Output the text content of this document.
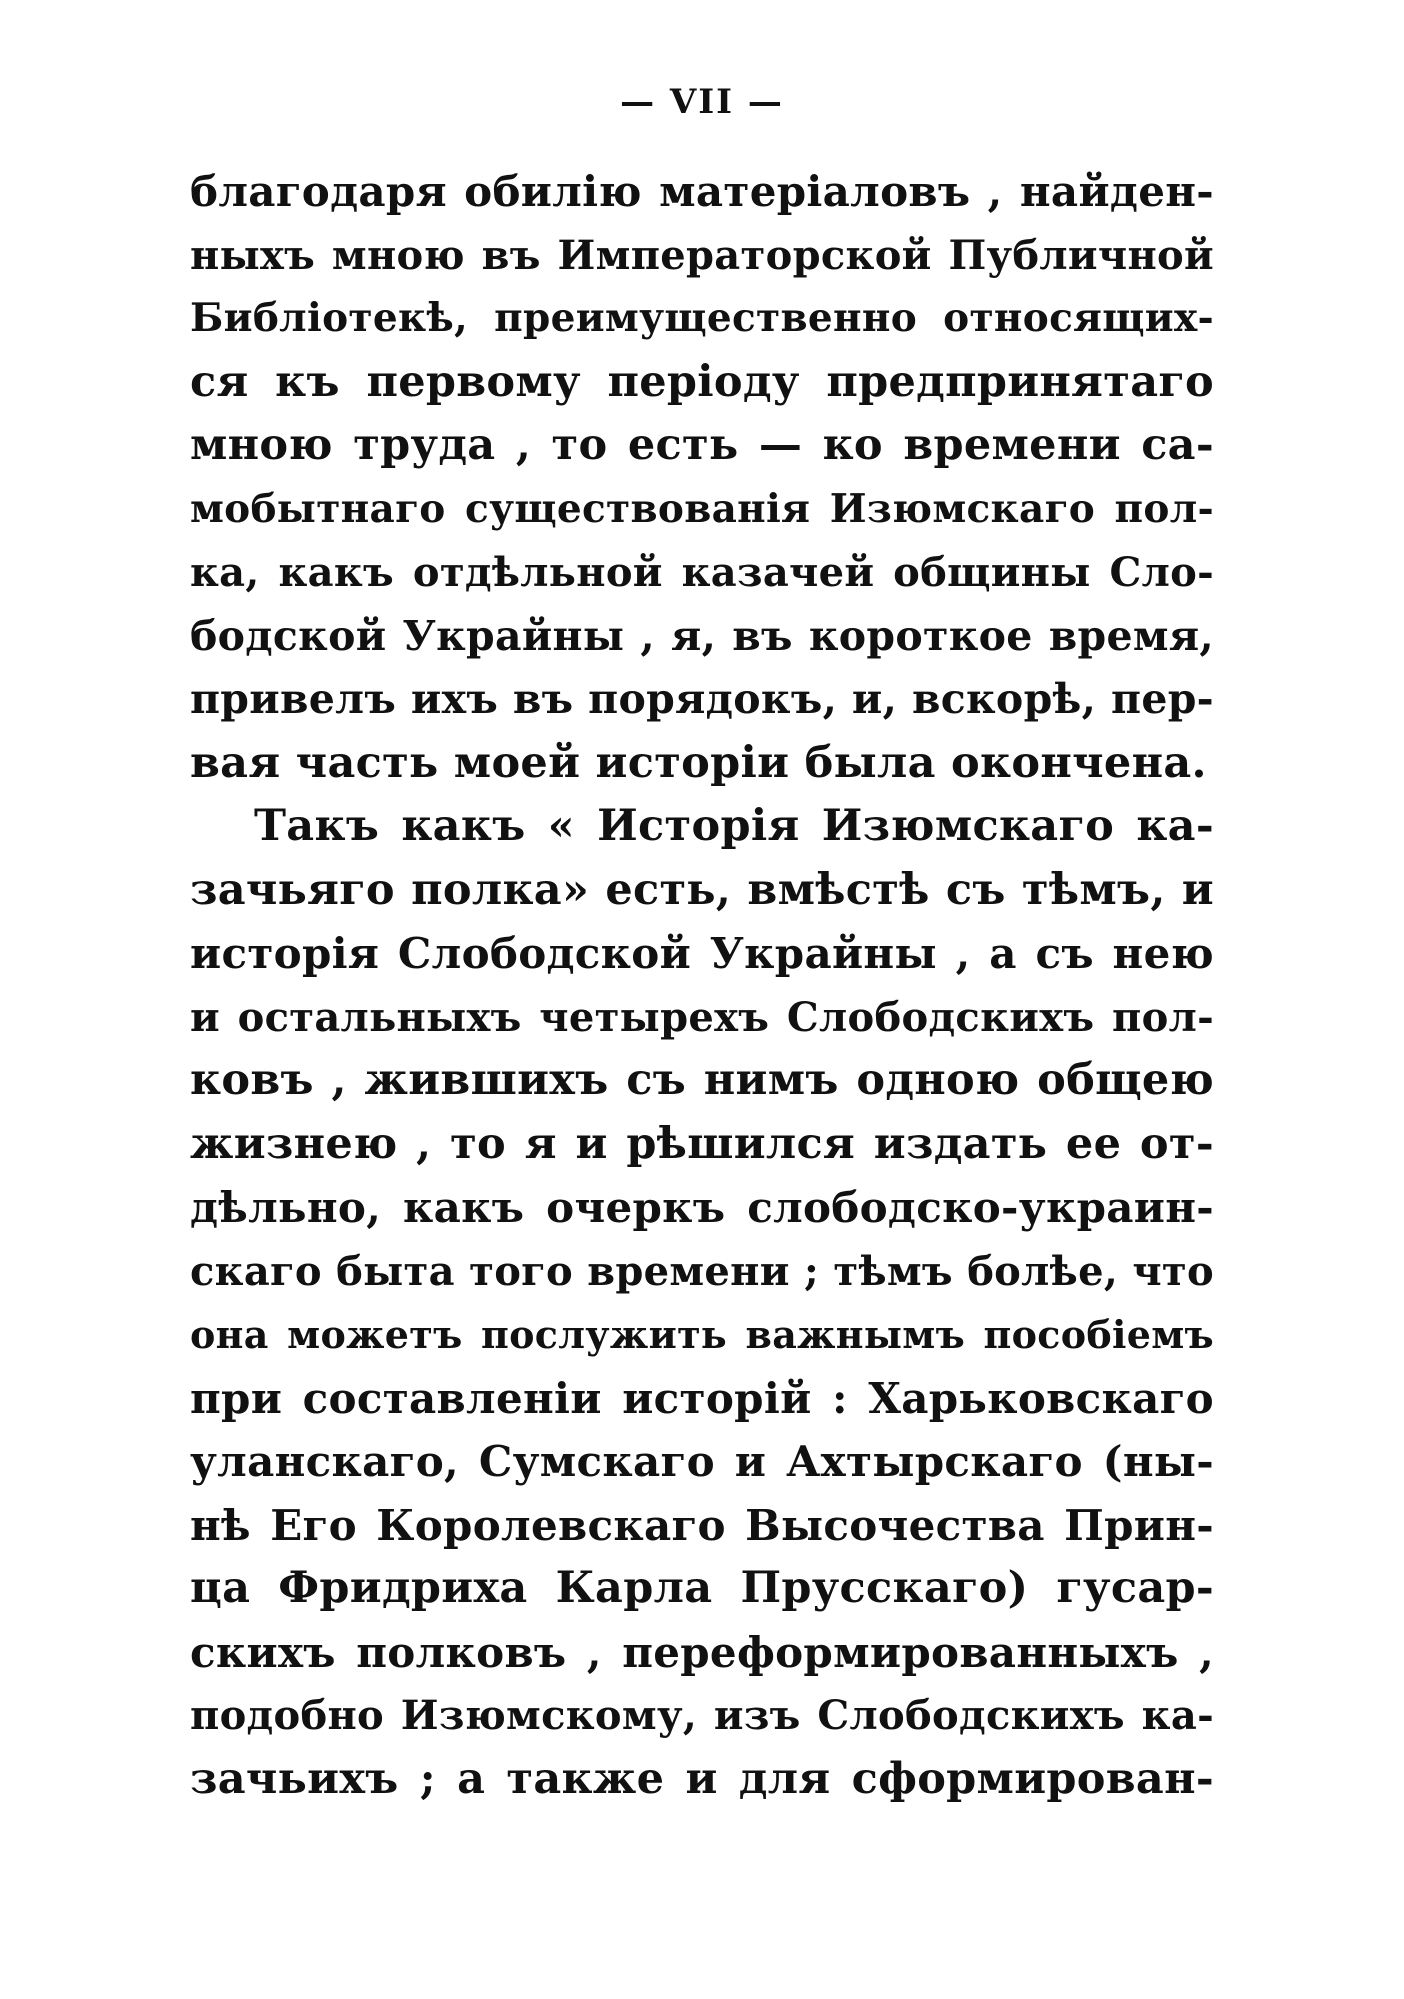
— VII —
благодаря обилію матеріаловъ , найден-
ныхъ мною въ Императорской Публичной
Библіотекѣ, преимущественно относящих-
ся къ первому періоду предпринятаго
мною труда , то есть — ко времени са-
мобытнаго существованія Изюмскаго пол-
ка, какъ отдѣльной казачей общины Сло-
бодской Украйны , я, въ короткое время,
привелъ ихъ въ порядокъ, и, вскорѣ, пер-
вая часть моей исторіи была окончена.
Такъ какъ « Исторія Изюмскаго ка-
зачьяго полка» есть, вмѣстѣ съ тѣмъ, и
исторія Слободской Украйны , а съ нею
и остальныхъ четырехъ Слободскихъ пол-
ковъ , жившихъ съ нимъ одною общею
жизнею , то я и рѣшился издать ее от-
дѣльно, какъ очеркъ слободско-украин-
скаго быта того времени ; тѣмъ болѣе, что
она можетъ послужить важнымъ пособіемъ
при составленіи исторій : Харьковскаго
уланскаго, Сумскаго и Ахтырскаго (ны-
нѣ Его Королевскаго Высочества Прин-
ца Фридриха Карла Прусскаго) гусар-
скихъ полковъ , переформированныхъ ,
подобно Изюмскому, изъ Слободскихъ ка-
зачьихъ ; а также и для сформирован-
